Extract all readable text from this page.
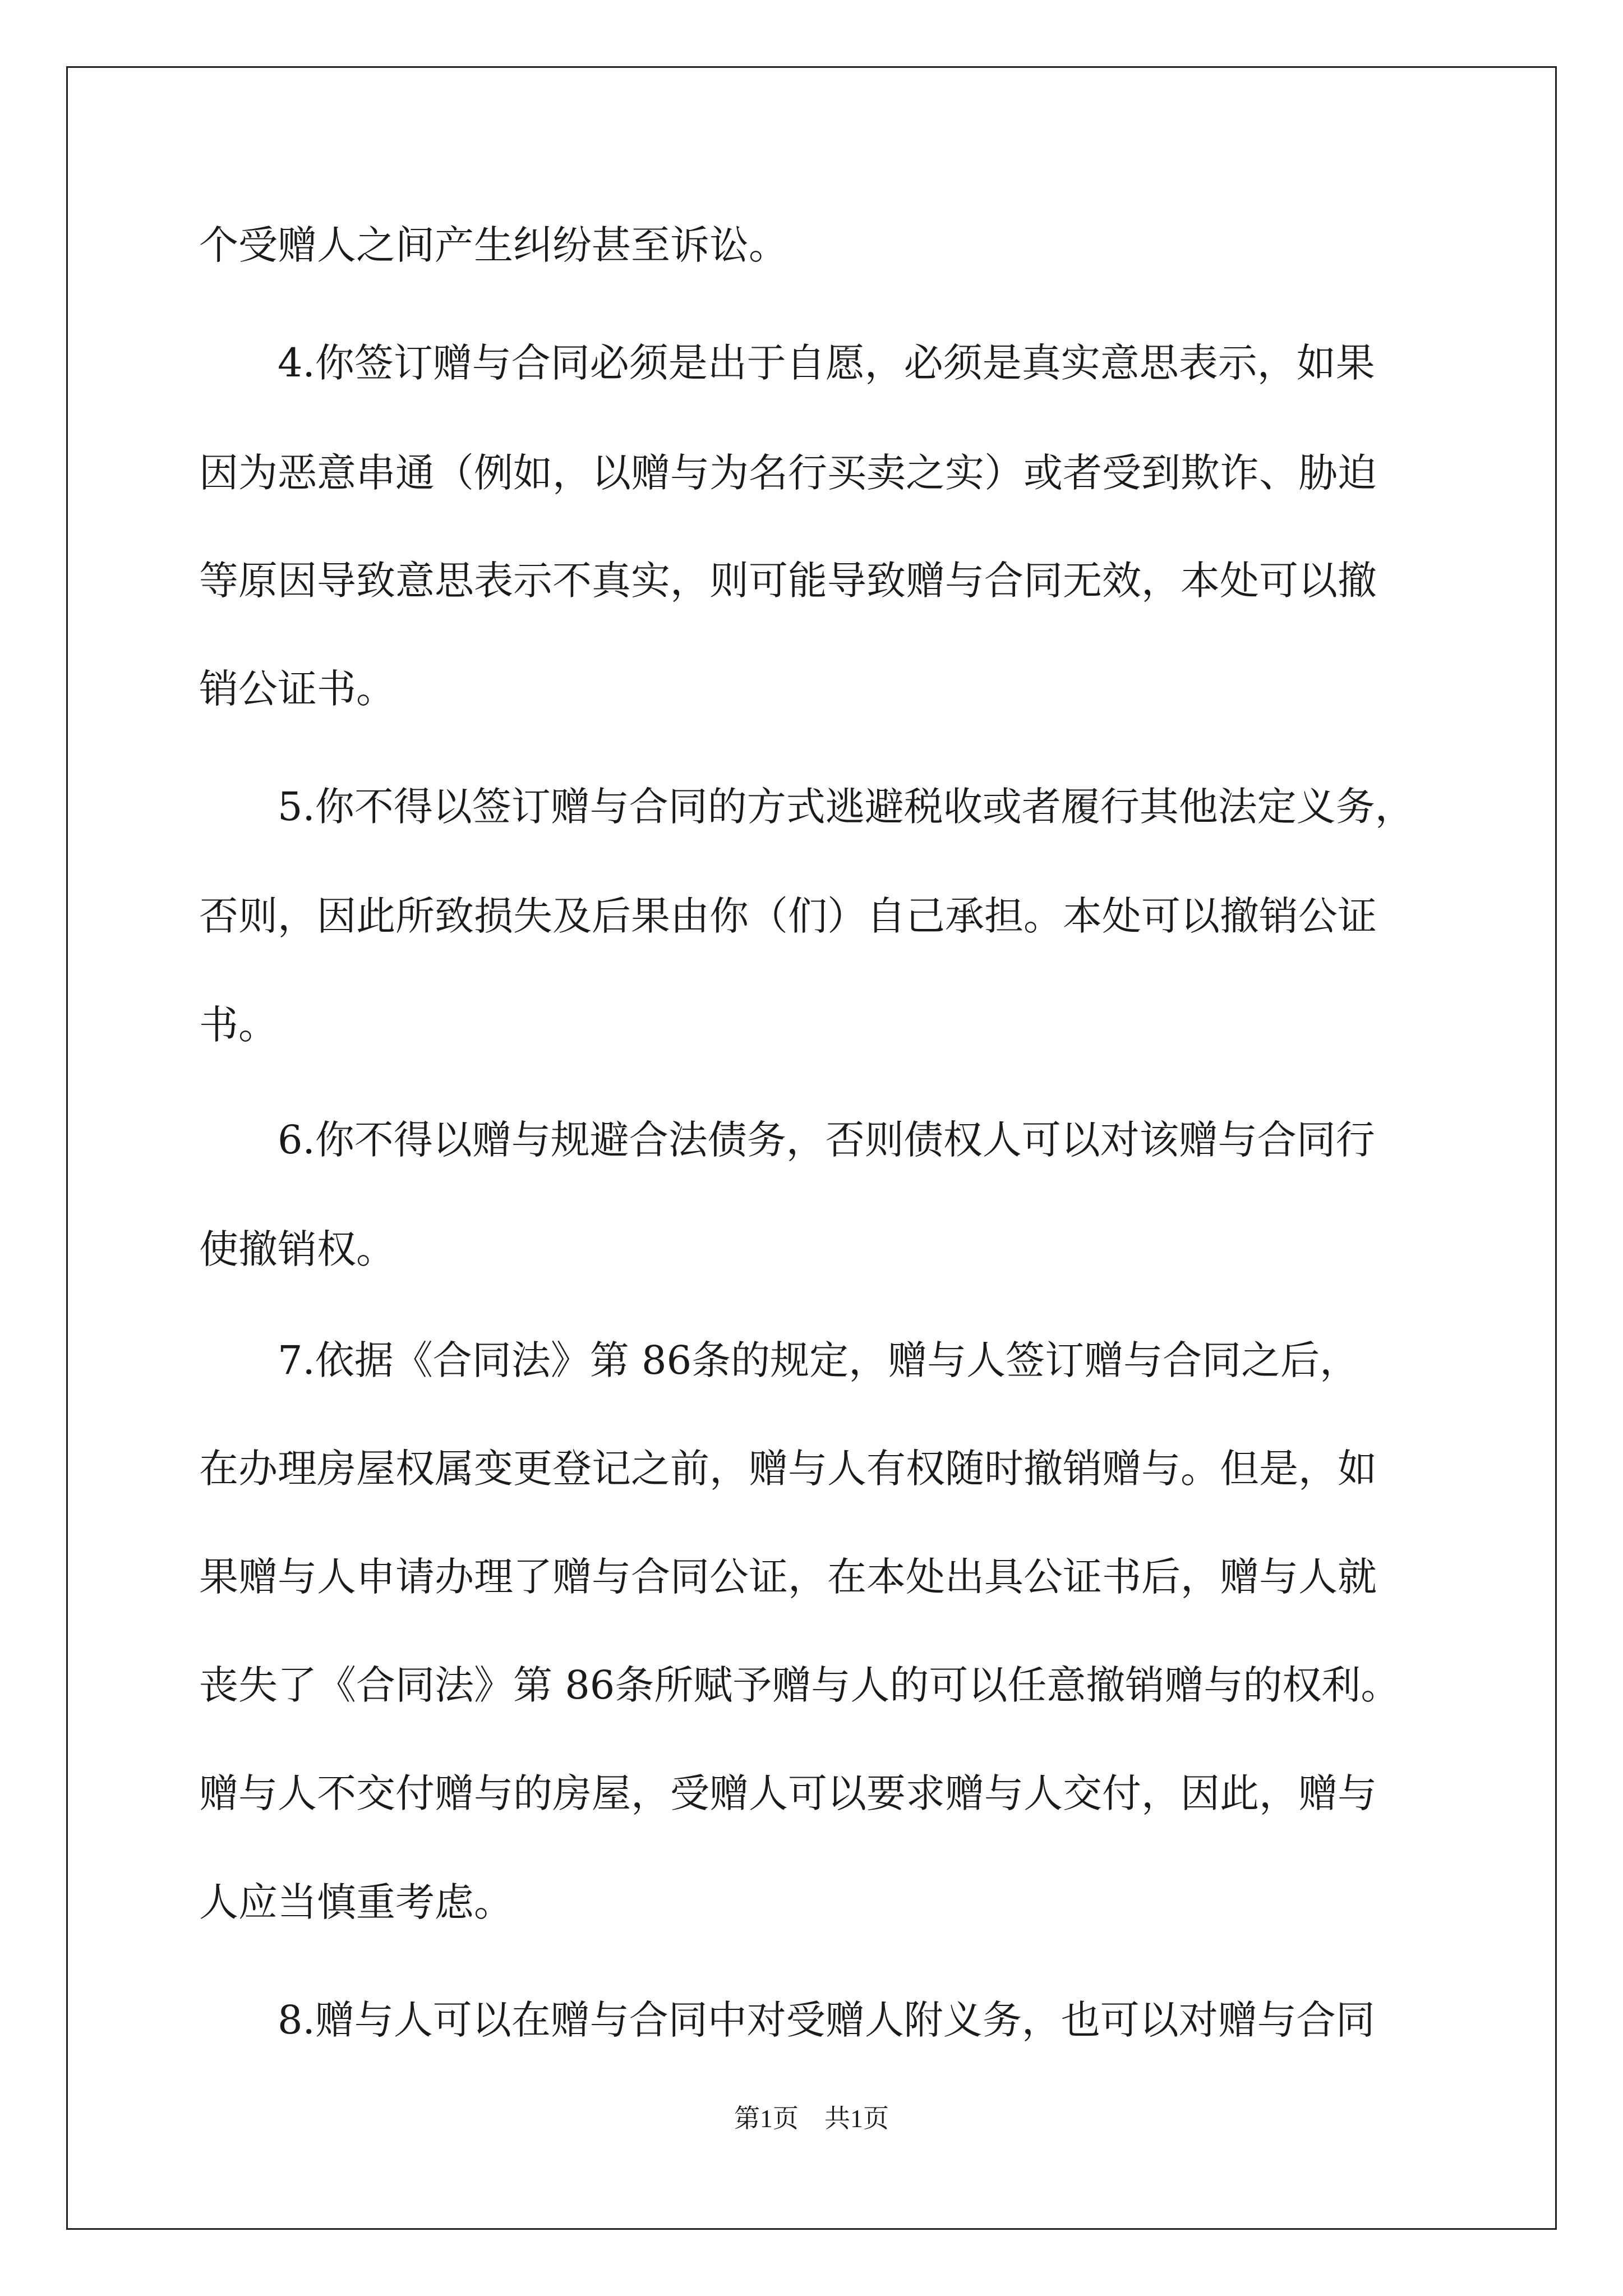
个受赠人之间产生纠纷甚至诉讼。
4.你签订赠与合同必须是出于自愿，必须是真实意思表示，如果
因为恶意串通（例如，以赠与为名行买卖之实）或者受到欺诈、胁迫
等原因导致意思表示不真实，则可能导致赠与合同无效，本处可以撤
销公证书。
5.你不得以签订赠与合同的方式逃避税收或者履行其他法定义务，
否则，因此所致损失及后果由你（们）自己承担。本处可以撤销公证
书。
6.你不得以赠与规避合法债务，否则债权人可以对该赠与合同行
使撤销权。
7.依据《合同法》第 86条的规定，赠与人签订赠与合同之后，
在办理房屋权属变更登记之前，赠与人有权随时撤销赠与。但是，如
果赠与人申请办理了赠与合同公证，在本处出具公证书后，赠与人就
丧失了《合同法》第 86条所赋予赠与人的可以任意撤销赠与的权利。
赠与人不交付赠与的房屋，受赠人可以要求赠与人交付，因此，赠与
人应当慎重考虑。
8.赠与人可以在赠与合同中对受赠人附义务，也可以对赠与合同
第1页　共1页
